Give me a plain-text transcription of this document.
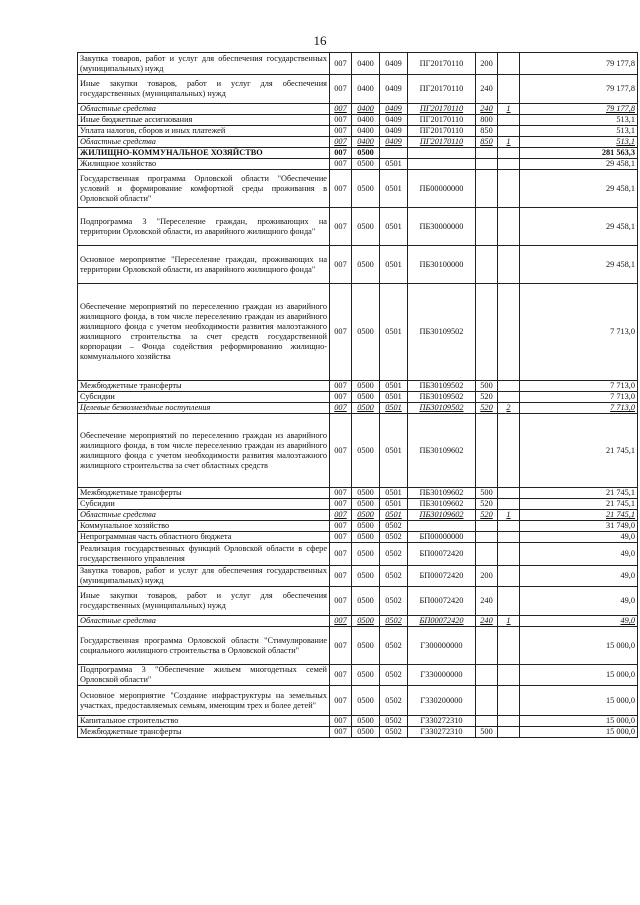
16
Закупка товаров, работ и услуг для обеспечения государственных (муниципальных) нужд	007	0400	0409	ПГ20170110	200		79 177,8
Иные закупки товаров, работ и услуг для обеспечения государственных (муниципальных) нужд	007	0400	0409	ПГ20170110	240		79 177,8
Областные средства	007	0400	0409	ПГ20170110	240	1	79 177,8
Иные бюджетные ассигнования	007	0400	0409	ПГ20170110	800		513,1
Уплата налогов, сборов и иных платежей	007	0400	0409	ПГ20170110	850		513,1
Областные средства	007	0400	0409	ПГ20170110	850	1	513,1
ЖИЛИЩНО-КОММУНАЛЬНОЕ ХОЗЯЙСТВО	007	0500					281 563,3
Жилищное хозяйство	007	0500	0501				29 458,1
Государственная программа Орловской области "Обеспечение условий и формирование комфортной среды проживания в Орловской области"	007	0500	0501	ПБ00000000			29 458,1
Подпрограмма 3 "Переселение граждан, проживающих на территории Орловской области, из аварийного жилищного фонда"	007	0500	0501	ПБ30000000			29 458,1
Основное мероприятие "Переселение граждан, проживающих на территории Орловской области, из аварийного жилищного фонда"	007	0500	0501	ПБ30100000			29 458,1
Обеспечение мероприятий по переселению граждан из аварийного жилищного фонда, в том числе переселению граждан из аварийного жилищного фонда с учетом необходимости развития малоэтажного жилищного строительства за счет средств государственной корпорации – Фонда содействия реформированию жилищно-коммунального хозяйства	007	0500	0501	ПБ30109502			7 713,0
Межбюджетные трансферты	007	0500	0501	ПБ30109502	500		7 713,0
Субсидии	007	0500	0501	ПБ30109502	520		7 713,0
Целевые безвозмездные поступления	007	0500	0501	ПБ30109502	520	2	7 713,0
Обеспечение мероприятий по переселению граждан из аварийного жилищного фонда, в том числе переселению граждан из аварийного жилищного фонда с учетом необходимости развития малоэтажного жилищного строительства за счет областных средств	007	0500	0501	ПБ30109602			21 745,1
Межбюджетные трансферты	007	0500	0501	ПБ30109602	500		21 745,1
Субсидии	007	0500	0501	ПБ30109602	520		21 745,1
Областные средства	007	0500	0501	ПБ30109602	520	1	21 745,1
Коммунальное хозяйство	007	0500	0502				31 749,0
Непрограммная часть областного бюджета	007	0500	0502	БП00000000			49,0
Реализация государственных функций Орловской области в сфере государственного управления	007	0500	0502	БП00072420			49,0
Закупка товаров, работ и услуг для обеспечения государственных (муниципальных) нужд	007	0500	0502	БП00072420	200		49,0
Иные закупки товаров, работ и услуг для обеспечения государственных (муниципальных) нужд	007	0500	0502	БП00072420	240		49,0
Областные средства	007	0500	0502	БП00072420	240	1	49,0
Государственная программа Орловской области "Стимулирование социального жилищного строительства в Орловской области"	007	0500	0502	Г300000000			15 000,0
Подпрограмма 3 "Обеспечение жильем многодетных семей Орловской области"	007	0500	0502	Г330000000			15 000,0
Основное мероприятие "Создание инфраструктуры на земельных участках, предоставляемых семьям, имеющим трех и более детей"	007	0500	0502	Г330200000			15 000,0
Капитальное строительство	007	0500	0502	Г330272310			15 000,0
Межбюджетные трансферты	007	0500	0502	Г330272310	500		15 000,0
